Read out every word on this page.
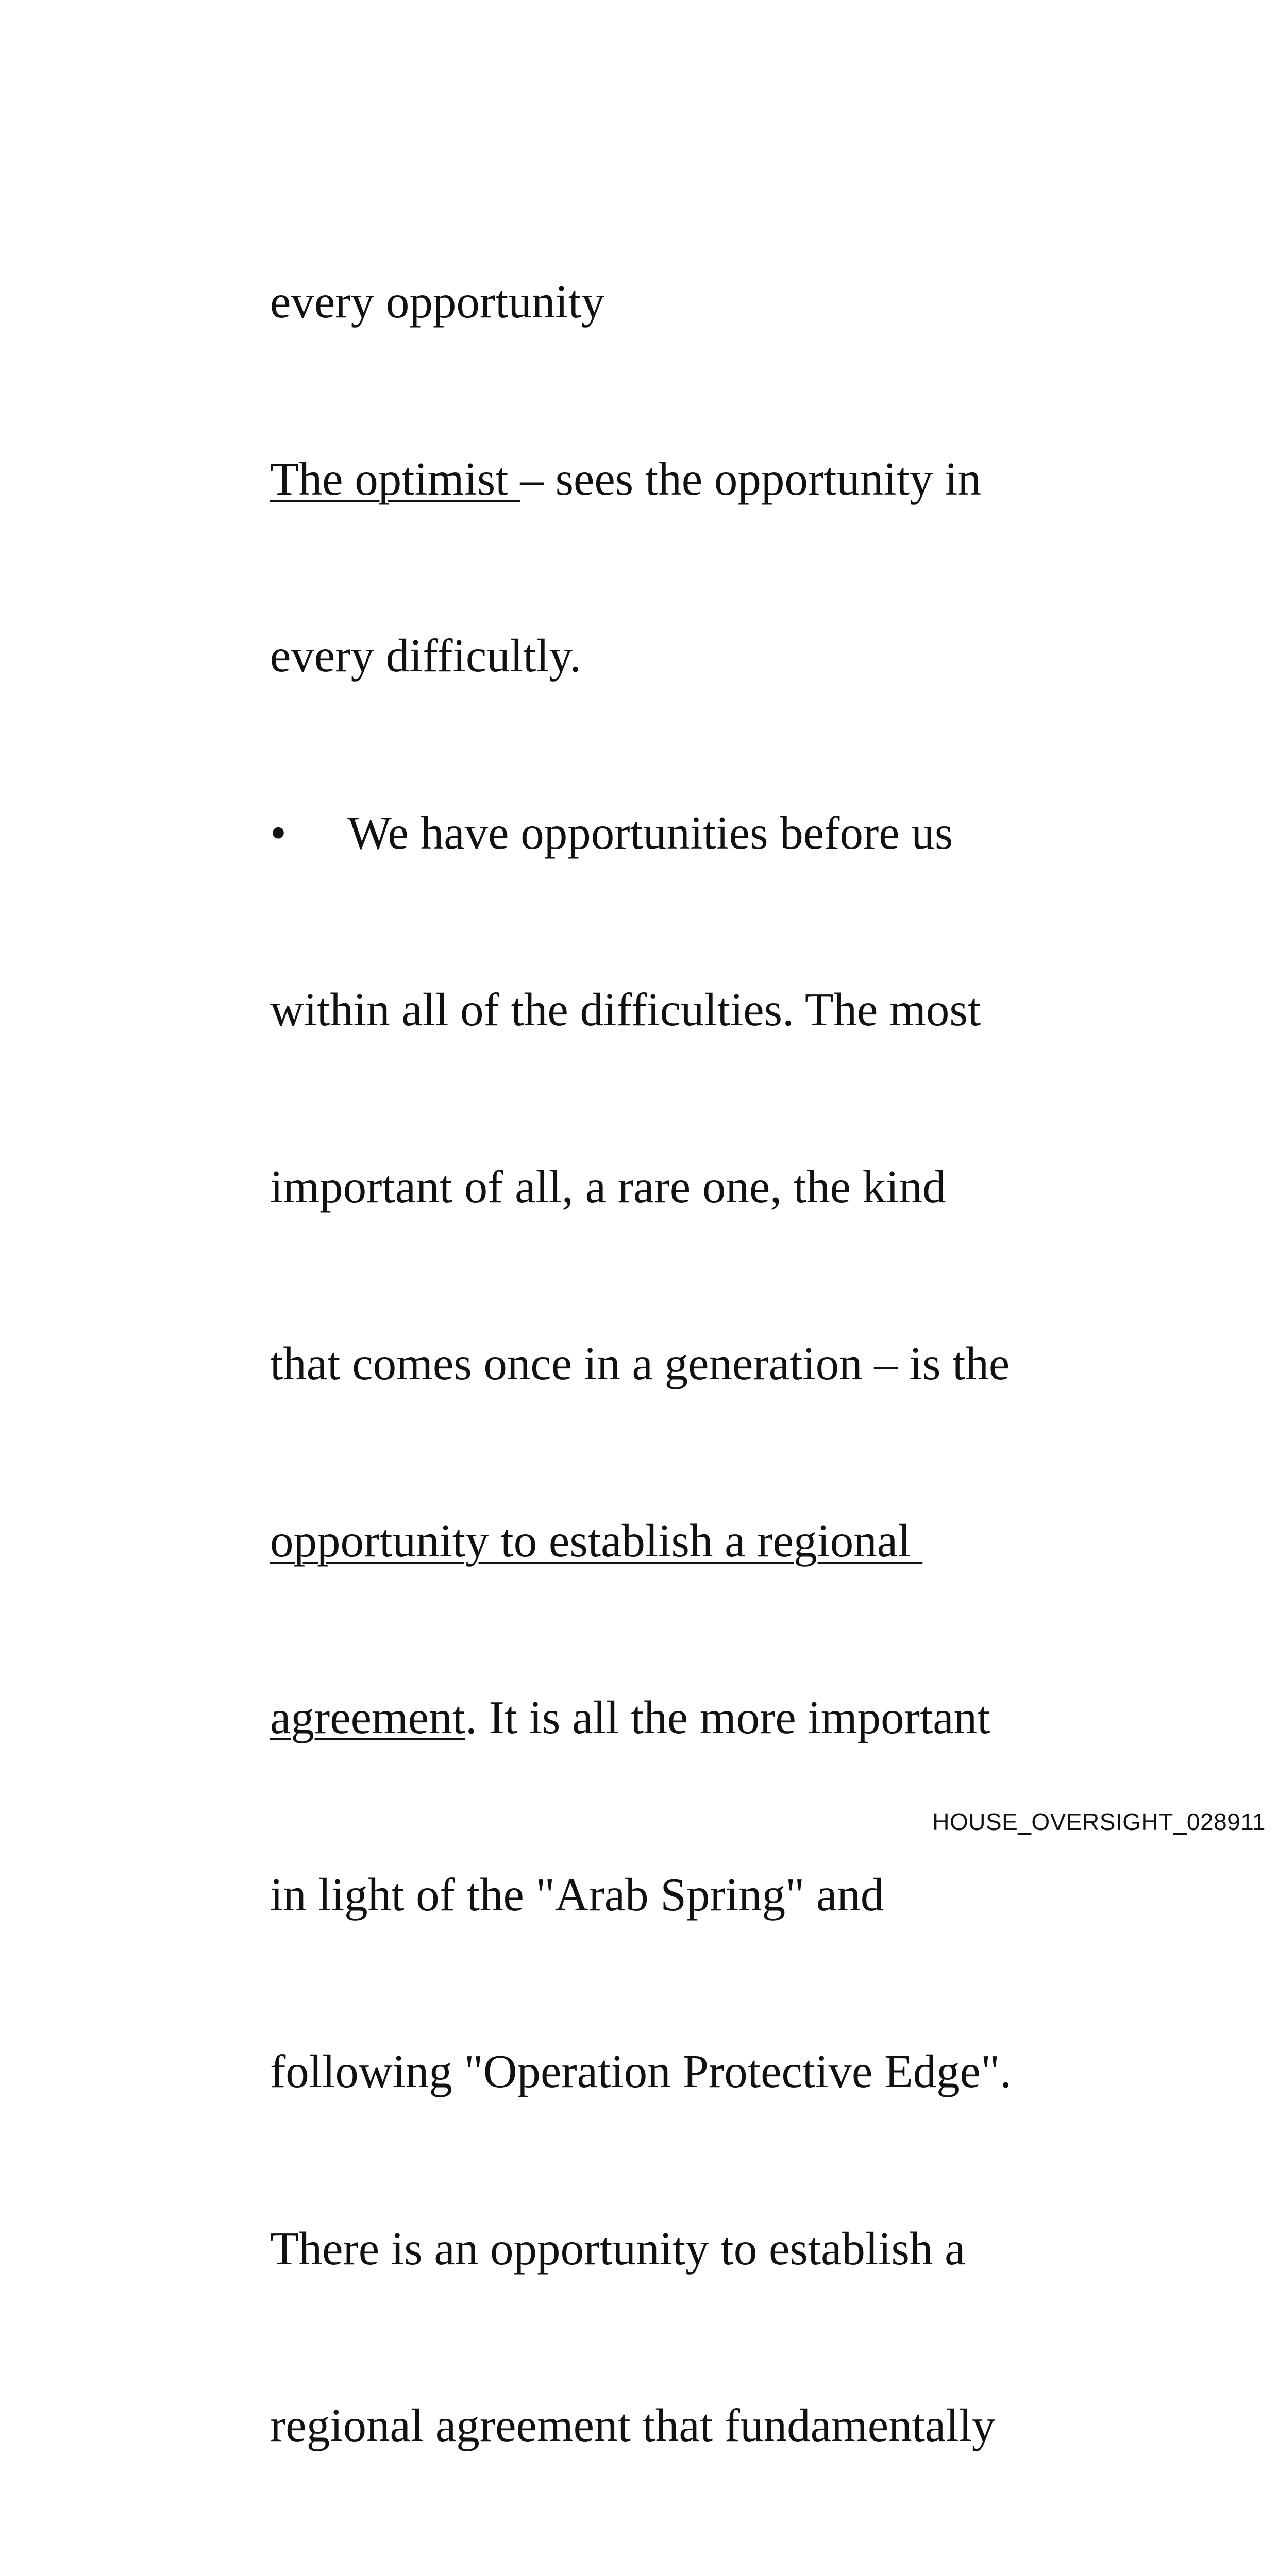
every opportunity

The optimist – sees the opportunity in

every difficultly.

• We have opportunities before us

within all of the difficulties. The most

important of all, a rare one, the kind

that comes once in a generation – is the

opportunity to establish a regional

agreement. It is all the more important

in light of the "Arab Spring" and

following "Operation Protective Edge".

There is an opportunity to establish a

regional agreement that fundamentally

HOUSE_OVERSIGHT_028911
